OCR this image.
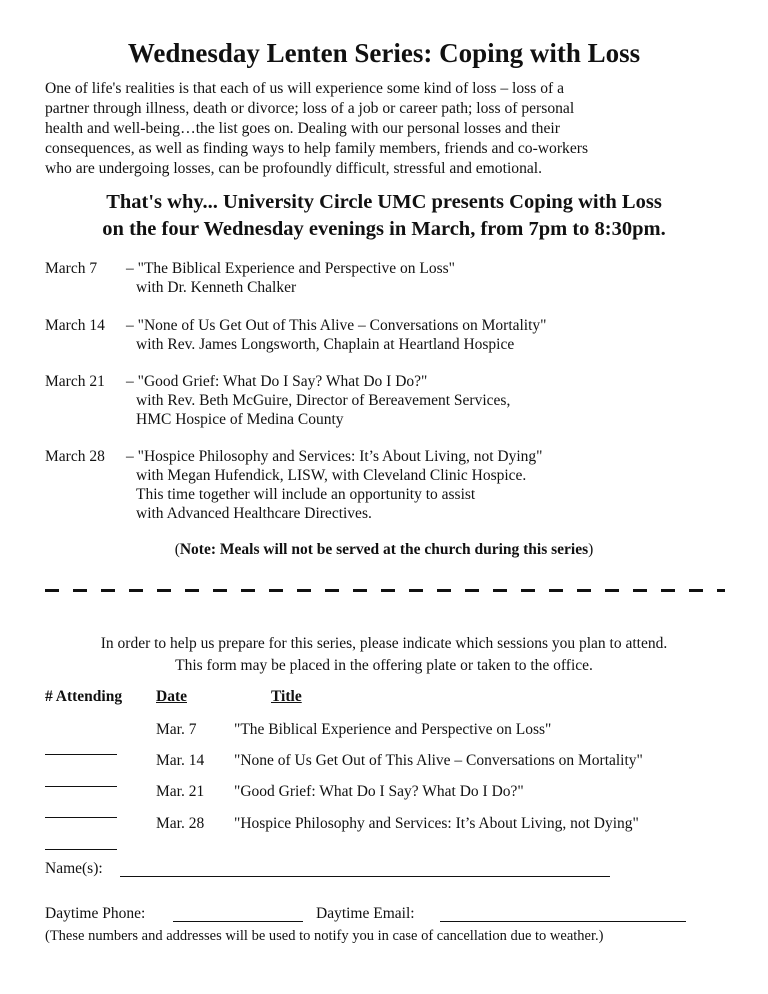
Wednesday Lenten Series: Coping with Loss
One of life's realities is that each of us will experience some kind of loss – loss of a
partner through illness, death or divorce; loss of a job or career path; loss of personal
health and well-being…the list goes on. Dealing with our personal losses and their
consequences, as well as finding ways to help family members, friends and co-workers
who are undergoing losses, can be profoundly difficult, stressful and emotional.
That's why... University Circle UMC presents Coping with Loss
on the four Wednesday evenings in March, from 7pm to 8:30pm.
March 7 – "The Biblical Experience and Perspective on Loss"
with Dr. Kenneth Chalker
March 14 – "None of Us Get Out of This Alive – Conversations on Mortality"
with Rev. James Longsworth, Chaplain at Heartland Hospice
March 21 – "Good Grief: What Do I Say? What Do I Do?"
with Rev. Beth McGuire, Director of Bereavement Services,
HMC Hospice of Medina County
March 28 – "Hospice Philosophy and Services: It’s About Living, not Dying"
with Megan Hufendick, LISW, with Cleveland Clinic Hospice.
This time together will include an opportunity to assist
with Advanced Healthcare Directives.
(Note: Meals will not be served at the church during this series)
In order to help us prepare for this series, please indicate which sessions you plan to attend.
This form may be placed in the offering plate or taken to the office.
# Attending Date	Title

Mar. 7 "The Biblical Experience and Perspective on Loss"

Mar. 14 "None of Us Get Out of This Alive – Conversations on Mortality"

Mar. 21 "Good Grief: What Do I Say? What Do I Do?"

Mar. 28 "Hospice Philosophy and Services: It’s About Living, not Dying"
Name(s):
Daytime Phone:	Daytime Email:
(These numbers and addresses will be used to notify you in case of cancellation due to weather.)
